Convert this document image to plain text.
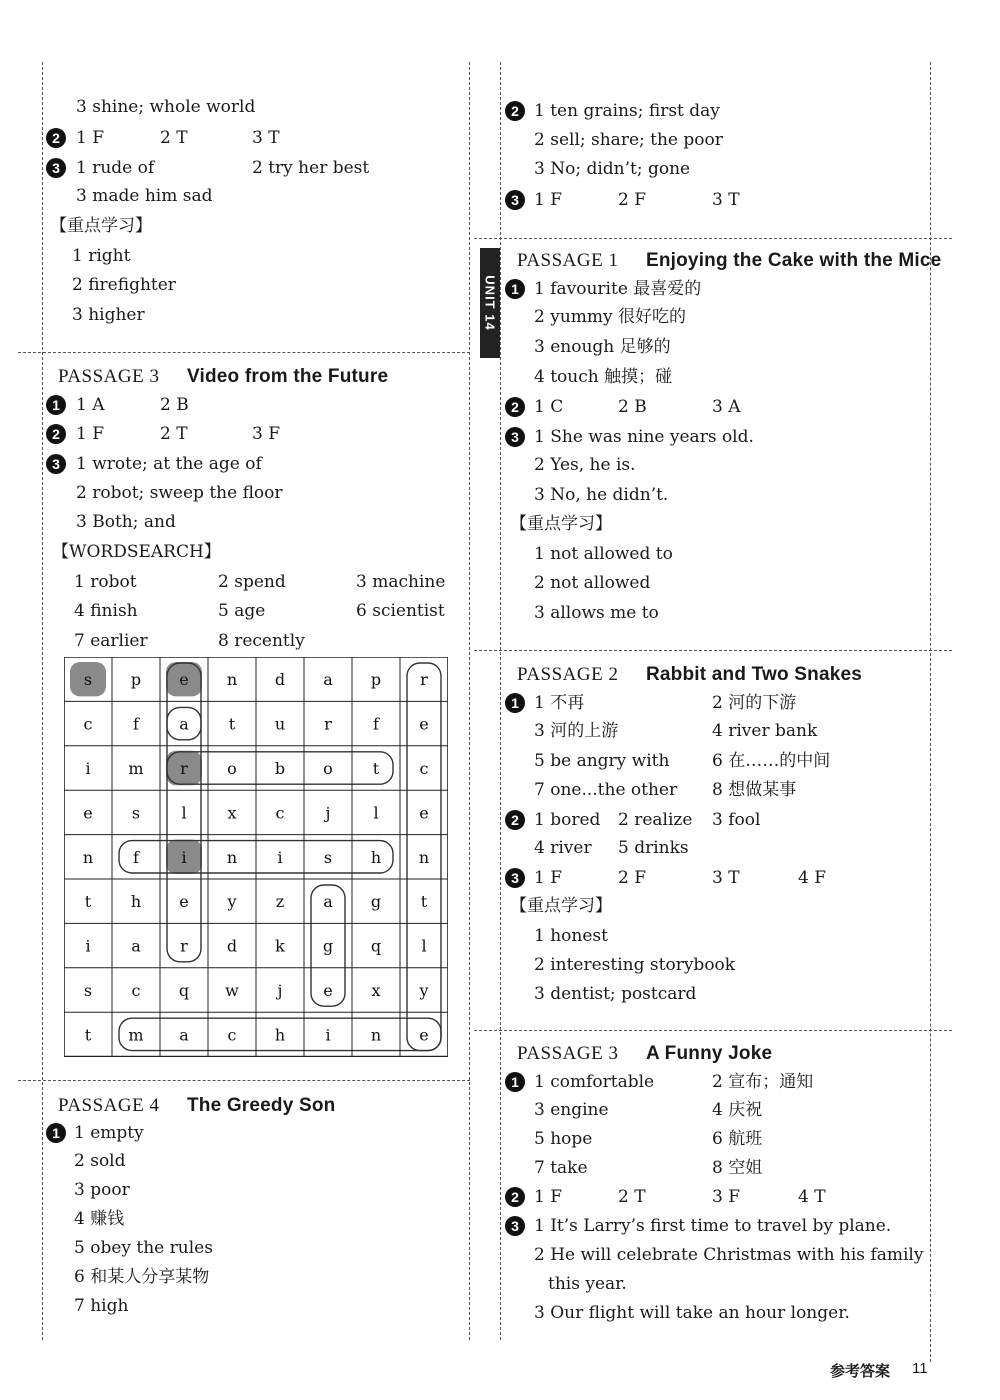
3 shine; whole world
2 1 F	2 T	3 T
3 1 rude of	2 try her best
3 made him sad
【重点学习】
1 right
2 firefighter
3 higher
PASSAGE 3 Video from the Future
1 1 A	2 B
2 1 F	2 T	3 F
3 1 wrote; at the age of
2 robot; sweep the floor
3 Both; and
【WORDSEARCH】
1 robot	2 spend	3 machine
4 finish	5 age	6 scientist
7 earlier	8 recently
s p e n d a p r
c	f	a	t u r	f	e
i m r o b o t	c
e s	l	x c	j	l	e
n f	i	n	i	s h n
t h e y z a g t
i	a r d k g q	l
s c q w j	e x y
t m a c h	i	n e
PASSAGE 4 The Greedy Son
1 1 empty
2 sold
3 poor
4 赚钱
5 obey the rules
6 和某人分享某物
7 high
2 1 ten grains; first day
2 sell; share; the poor
3 No; didn’t; gone
3 1 F	2 F	3 T
UNIT 14
PASSAGE 1 Enjoying the Cake with the Mice
1 1 favourite 最喜爱的
2 yummy 很好吃的
3 enough 足够的
4 touch 触摸；碰
2 1 C	2 B	3 A
3 1 She was nine years old.
2 Yes, he is.
3 No, he didn’t.
【重点学习】
1 not allowed to
2 not allowed
3 allows me to
PASSAGE 2 Rabbit and Two Snakes
1 1 不再	2 河的下游
3 河的上游	4 river bank
5 be angry with	6 在……的中间
7 one...the other 8 想做某事
2 1 bored 2 realize 3 fool
4 river 5 drinks
3 1 F	2 F	3 T	4 F
【重点学习】
1 honest
2 interesting storybook
3 dentist; postcard
PASSAGE 3 A Funny Joke
1 1 comfortable	2 宣布；通知
3 engine	4 庆祝
5 hope	6 航班
7 take	8 空姐
2 1 F	2 T	3 F	4 T
3 1 It’s Larry’s first time to travel by plane.
2 He will celebrate Christmas with his family
this year.
3 Our flight will take an hour longer.
参考答案 11
